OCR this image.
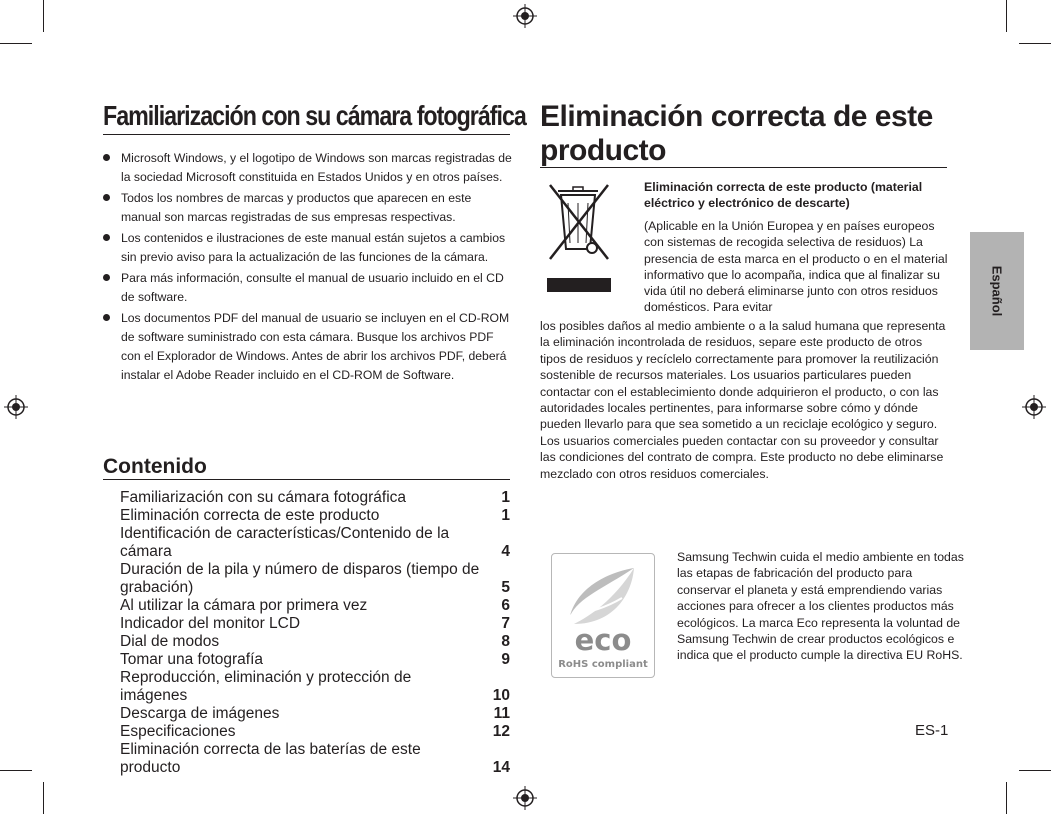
Familiarización con su cámara fotográfica
Microsoft Windows, y el logotipo de Windows son marcas registradas de la sociedad Microsoft constituida en Estados Unidos y en otros países.
Todos los nombres de marcas y productos que aparecen en este manual son marcas registradas de sus empresas respectivas.
Los contenidos e ilustraciones de este manual están sujetos a cambios sin previo aviso para la actualización de las funciones de la cámara.
Para más información, consulte el manual de usuario incluido en el CD de software.
Los documentos PDF del manual de usuario se incluyen en el CD-ROM de software suministrado con esta cámara. Busque los archivos PDF con el Explorador de Windows. Antes de abrir los archivos PDF, deberá instalar el Adobe Reader incluido en el CD-ROM de Software.
Contenido
Familiarización con su cámara fotográfica	1
Eliminación correcta de este producto	1
Identificación de características/Contenido de la cámara	4
Duración de la pila y número de disparos (tiempo de grabación)	5
Al utilizar la cámara por primera vez	6
Indicador del monitor LCD	7
Dial de modos	8
Tomar una fotografía	9
Reproducción, eliminación y protección de imágenes	10
Descarga de imágenes	11
Especificaciones	12
Eliminación correcta de las baterías de este producto	14
Eliminación correcta de este producto
Eliminación correcta de este producto (material eléctrico y electrónico de descarte)
(Aplicable en la Unión Europea y en países europeos con sistemas de recogida selectiva de residuos) La presencia de esta marca en el producto o en el material informativo que lo acompaña, indica que al finalizar su vida útil no deberá eliminarse junto con otros residuos domésticos. Para evitar
los posibles daños al medio ambiente o a la salud humana que representa la eliminación incontrolada de residuos, separe este producto de otros tipos de residuos y recíclelo correctamente para promover la reutilización sostenible de recursos materiales. Los usuarios particulares pueden contactar con el establecimiento donde adquirieron el producto, o con las autoridades locales pertinentes, para informarse sobre cómo y dónde pueden llevarlo para que sea sometido a un reciclaje ecológico y seguro. Los usuarios comerciales pueden contactar con su proveedor y consultar las condiciones del contrato de compra. Este producto no debe eliminarse mezclado con otros residuos comerciales.
eco
RoHS compliant
Samsung Techwin cuida el medio ambiente en todas las etapas de fabricación del producto para conservar el planeta y está emprendiendo varias acciones para ofrecer a los clientes productos más ecológicos. La marca Eco representa la voluntad de Samsung Techwin de crear productos ecológicos e indica que el producto cumple la directiva EU RoHS.
Español
ES-1
